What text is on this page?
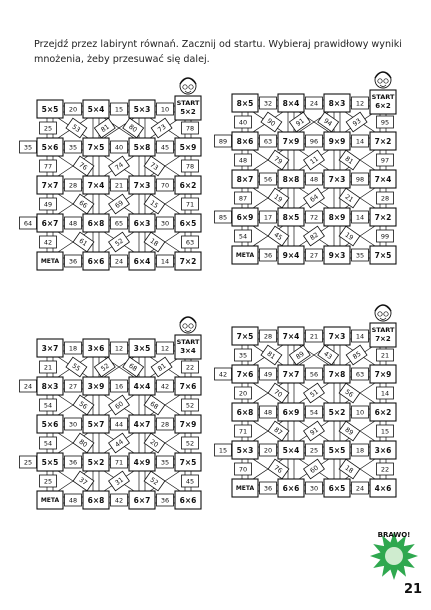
Przejdź przez labirynt równań. Zacznij od startu. Wybieraj prawidłowy wyniki mnożenia, żeby przesuwać się dalej.
5×5	5×4	5×3
START
5×2
5×6	7×5	5×8	5×9
7×7	7×4	7×3	6×2
6×7	6×8	6×3	6×5
META	6×6	6×4	7×2
20	15	10
35	35	40	45
28	21	70
64	48	65	30
36	24	14
25	53	81	80	73	78
77	76	74	73	78
49	66	69	15	71
42	61	52	18	63
8×5	8×4	8×3
START
6×2
8×6	7×9	9×9	7×2
8×7	8×8	7×3	7×4
6×9	8×5	8×9	7×2
META	9×4	9×3	7×5
32	24	12
89	63	96	14
56	48	98
85	17	72	14
36	27	35
40	90	91	94	93	95
48	79	11	81	97
87	19	64	21	28
54	45	82	19	99
3×7	3×6	3×5
START
3×4
8×3	3×9	4×4	7×6
5×6	5×7	4×7	7×9
5×5	5×2	4×9	7×5
META	6×8	6×7	6×6
18	12	12
24	27	16	42
30	44	28
25	36	71	35
48	42	36
21	55	52	68	81	22
54	56	60	68	52
54	80	44	20	52
25	37	31	52	45
7×5	7×4	7×3
START
7×2
7×6	7×7	7×8	7×9
6×8	6×9	5×2	6×2
5×3	5×4	5×5	3×6
META	6×6	6×5	4×6
28	21	14
42	49	56	63
48	54	10
15	20	25	18
36	30	24
35	81	89	43	85	21
20	70	51	56	14
71	87	91	89	15
70	76	60	18	22
BRAWO!
21
